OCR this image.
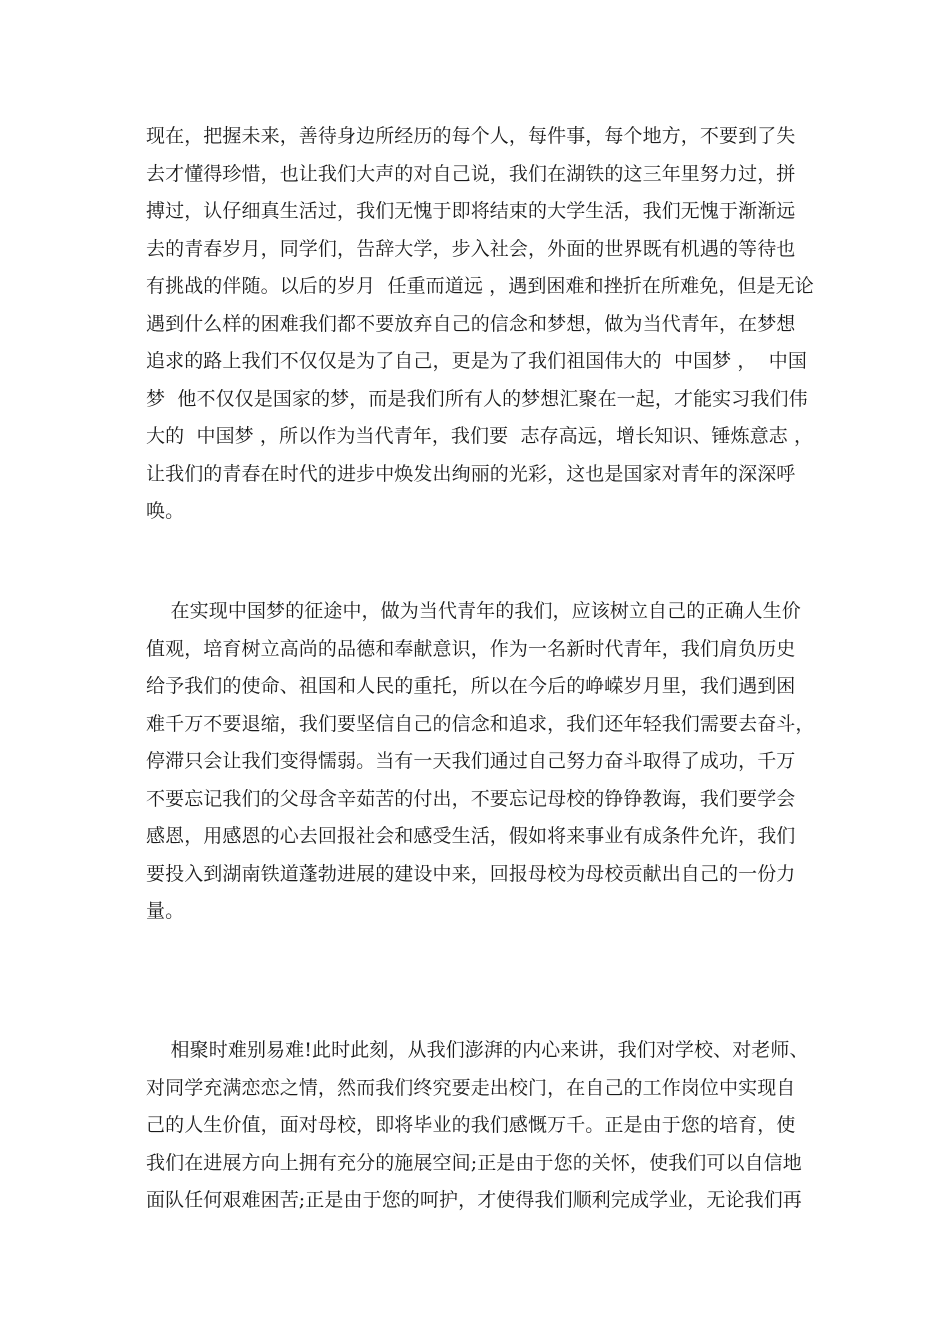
现在，把握未来，善待身边所经历的每个人，每件事，每个地方，不要到了失
去才懂得珍惜，也让我们大声的对自己说，我们在湖铁的这三年里努力过，拼
搏过，认仔细真生活过，我们无愧于即将结束的大学生活，我们无愧于渐渐远
去的青春岁月，同学们，告辞大学，步入社会，外面的世界既有机遇的等待也
有挑战的伴随。以后的岁月  任重而道远 ，遇到困难和挫折在所难免，但是无论
遇到什么样的困难我们都不要放弃自己的信念和梦想，做为当代青年，在梦想
追求的路上我们不仅仅是为了自己，更是为了我们祖国伟大的  中国梦 ，  中国
梦  他不仅仅是国家的梦，而是我们所有人的梦想汇聚在一起，才能实习我们伟
大的  中国梦 ，所以作为当代青年，我们要  志存高远，增长知识、锤炼意志 ，
让我们的青春在时代的进步中焕发出绚丽的光彩，这也是国家对青年的深深呼
唤。
在实现中国梦的征途中，做为当代青年的我们，应该树立自己的正确人生价
值观，培育树立高尚的品德和奉献意识，作为一名新时代青年，我们肩负历史
给予我们的使命、祖国和人民的重托，所以在今后的峥嵘岁月里，我们遇到困
难千万不要退缩，我们要坚信自己的信念和追求，我们还年轻我们需要去奋斗，
停滞只会让我们变得懦弱。当有一天我们通过自己努力奋斗取得了成功，千万
不要忘记我们的父母含辛茹苦的付出，不要忘记母校的铮铮教诲，我们要学会
感恩，用感恩的心去回报社会和感受生活，假如将来事业有成条件允许，我们
要投入到湖南铁道蓬勃进展的建设中来，回报母校为母校贡献出自己的一份力
量。
相聚时难别易难!此时此刻，从我们澎湃的内心来讲，我们对学校、对老师、
对同学充满恋恋之情，然而我们终究要走出校门，在自己的工作岗位中实现自
己的人生价值，面对母校，即将毕业的我们感慨万千。正是由于您的培育，使
我们在进展方向上拥有充分的施展空间;正是由于您的关怀，使我们可以自信地
面队任何艰难困苦;正是由于您的呵护，才使得我们顺利完成学业，无论我们再
